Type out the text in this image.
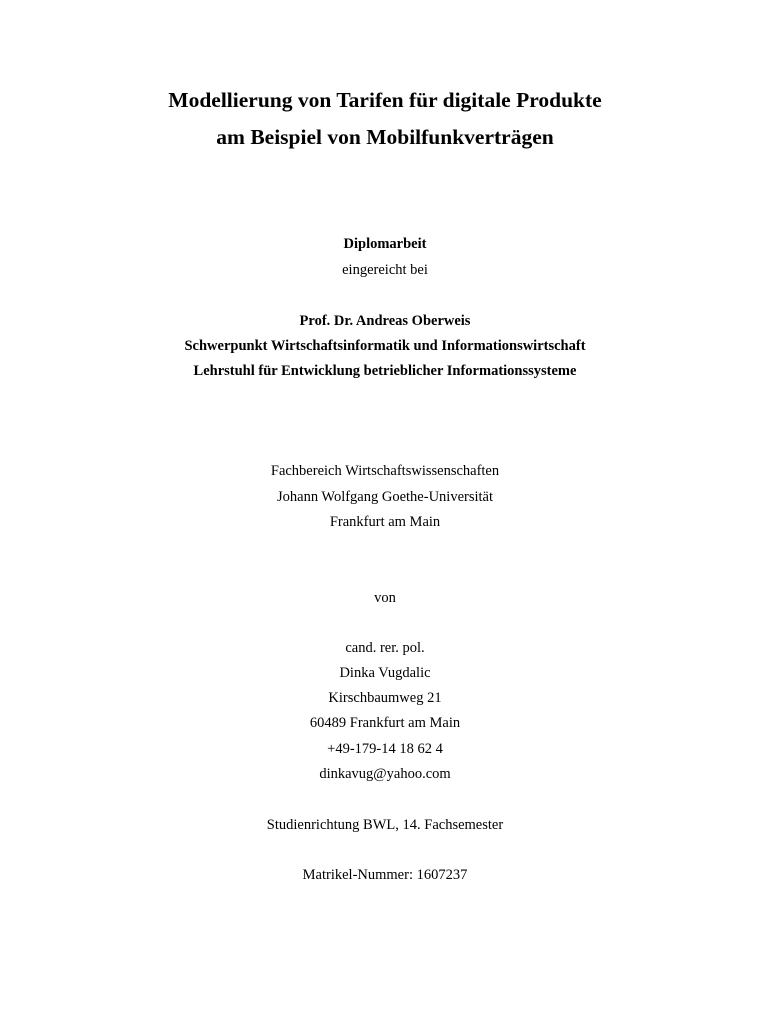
Modellierung von Tarifen für digitale Produkte
am Beispiel von Mobilfunkverträgen
Diplomarbeit
eingereicht bei
Prof. Dr. Andreas Oberweis
Schwerpunkt Wirtschaftsinformatik und Informationswirtschaft
Lehrstuhl für Entwicklung betrieblicher Informationssysteme
Fachbereich Wirtschaftswissenschaften
Johann Wolfgang Goethe-Universität
Frankfurt am Main
von
cand. rer. pol.
Dinka Vugdalic
Kirschbaumweg 21
60489 Frankfurt am Main
+49-179-14 18 62 4
dinkavug@yahoo.com
Studienrichtung BWL, 14. Fachsemester
Matrikel-Nummer: 1607237
